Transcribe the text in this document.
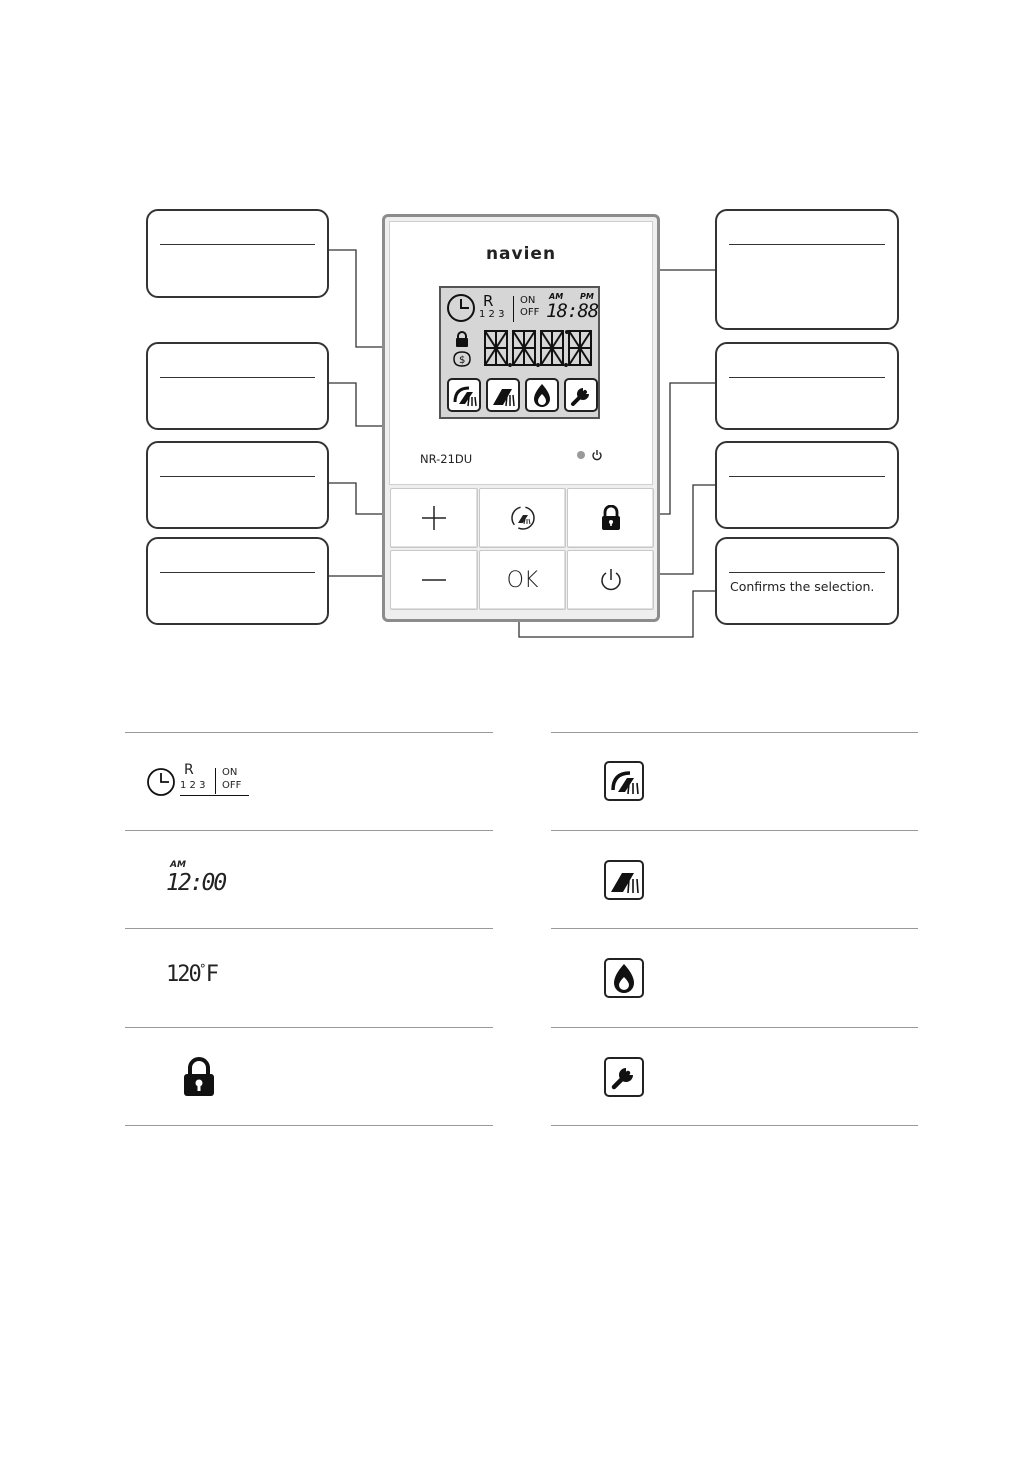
Confirms the selection.
navien
NR-21DU
R
1 2 3
ON
OFF
AM PM
18:88
$
OK
R
1 2 3
ON
OFF
AM
12:00
120°F
